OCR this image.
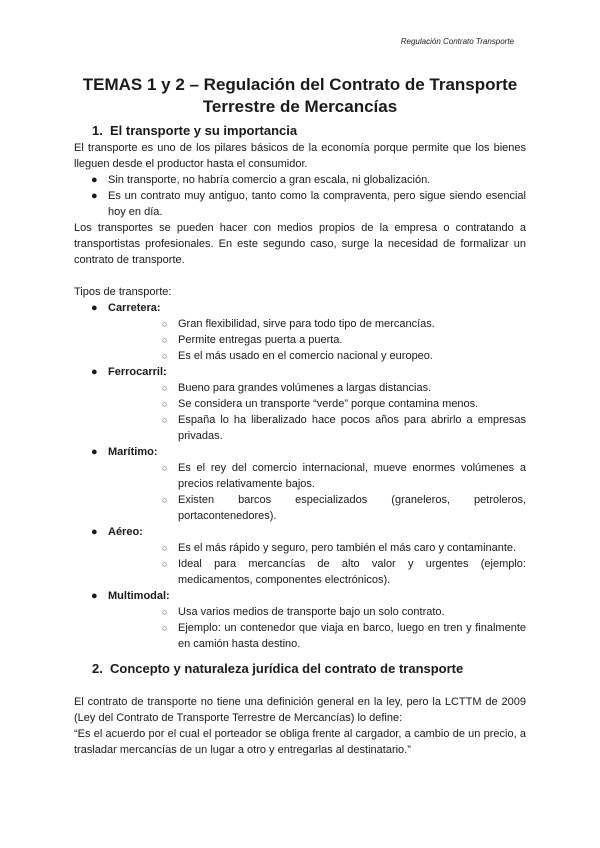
Regulación Contrato Transporte
TEMAS 1 y 2 – Regulación del Contrato de Transporte Terrestre de Mercancías
1. El transporte y su importancia

El transporte es uno de los pilares básicos de la economía porque permite que los bienes lleguen desde el productor hasta el consumidor.

● Sin transporte, no habría comercio a gran escala, ni globalización.
● Es un contrato muy antiguo, tanto como la compraventa, pero sigue siendo esencial hoy en día.

Los transportes se pueden hacer con medios propios de la empresa o contratando a transportistas profesionales. En este segundo caso, surge la necesidad de formalizar un contrato de transporte.

Tipos de transporte:

● Carretera:
○ Gran flexibilidad, sirve para todo tipo de mercancías.
○ Permite entregas puerta a puerta.
○ Es el más usado en el comercio nacional y europeo.
● Ferrocarril:
○ Bueno para grandes volúmenes a largas distancias.
○ Se considera un transporte “verde” porque contamina menos.
○ España lo ha liberalizado hace pocos años para abrirlo a empresas privadas.
● Marítimo:
○ Es el rey del comercio internacional, mueve enormes volúmenes a precios relativamente bajos.
○ Existen barcos especializados (graneleros, petroleros, portacontenedores).
● Aéreo:
○ Es el más rápido y seguro, pero también el más caro y contaminante.
○ Ideal para mercancías de alto valor y urgentes (ejemplo: medicamentos, componentes electrónicos).
● Multimodal:
○ Usa varios medios de transporte bajo un solo contrato.
○ Ejemplo: un contenedor que viaja en barco, luego en tren y finalmente en camión hasta destino.
2. Concepto y naturaleza jurídica del contrato de transporte

El contrato de transporte no tiene una definición general en la ley, pero la LCTTM de 2009 (Ley del Contrato de Transporte Terrestre de Mercancías) lo define:

“Es el acuerdo por el cual el porteador se obliga frente al cargador, a cambio de un precio, a trasladar mercancías de un lugar a otro y entregarlas al destinatario.”
